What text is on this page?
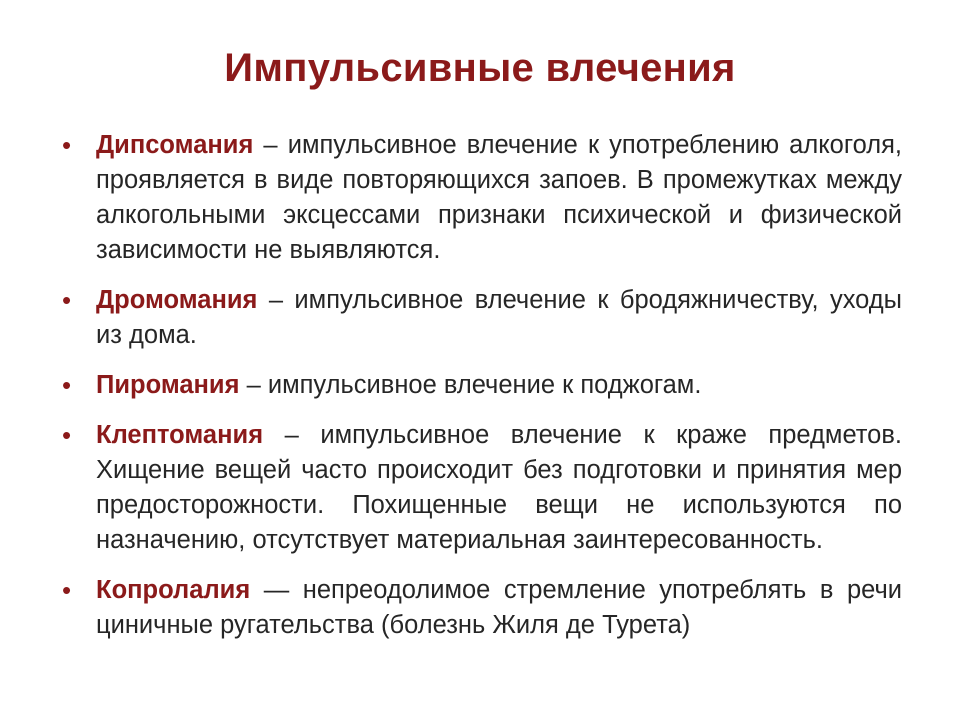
Импульсивные влечения
• Дипсомания – импульсивное влечение к употреблению алкоголя, проявляется в виде повторяющихся запоев. В промежутках между алкогольными эксцессами признаки психической и физической зависимости не выявляются.
• Дромомания – импульсивное влечение к бродяжничеству, уходы из дома.
• Пиромания – импульсивное влечение к поджогам.
• Клептомания – импульсивное влечение к краже предметов. Хищение вещей часто происходит без подготовки и принятия мер предосторожности. Похищенные вещи не используются по назначению, отсутствует материальная заинтересованность.
• Копролалия — непреодолимое стремление употреблять в речи циничные ругательства (болезнь Жиля де Турета)
